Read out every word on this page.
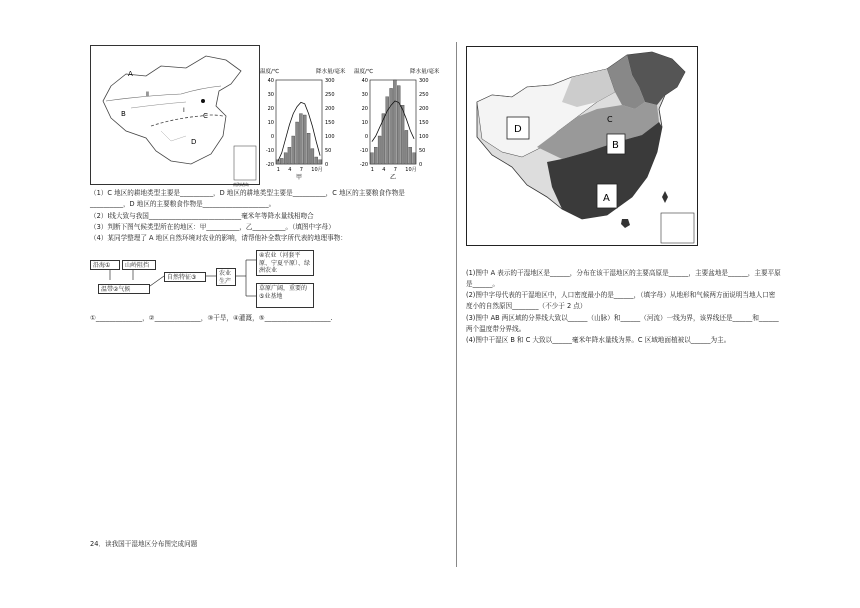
A
Ⅱ
B	Ⅰ
C
D
南海诸岛
温度/℃	降水量/毫米
40
30
20
10
0
-10
-20
300
250
200
150
100
50
0
1 4 7 10月
甲
温度/℃	降水量/毫米
40
30
20
10
0
-10
-20
300
250
200
150
100
50
0
1 4 7 10月
乙
（1）C 地区的耕地类型主要是__________，D 地区的耕地类型主要是__________，C 地区的主要粮食作物是
__________，D 地区的主要粮食作物是____________________。
（2）Ⅰ线大致与我国____________________________毫米年等降水量线相吻合
（3）判断下图气候类型所在的地区：甲__________，乙__________。（填图中字母）
（4）某同学整理了 A 地区自然环境对农业的影响，请帮他补全数字所代表的地理事物：
沿海①	山岭阻挡
温带②气候
自然特征③
农业生产
④农业（河套平原、宁夏平原）、绿洲农业
草原广阔，重要的⑤业基地
①______________，②______________，③干旱，④灌溉，⑤____________________.
24．读我国干湿地区分布图完成问题
D
C
B
A
(1)图中 A 表示的干湿地区是______，分布在该干湿地区的主要高原是______，主要盆地是______，主要平原
是______。
(2)图中字母代表的干湿地区中，人口密度最小的是______，（填字母）从地形和气候两方面说明当地人口密
度小的自然原因________（不少于 2 点）
(3)图中 AB 两区域的分界线大致以______（山脉）和______（河流）一线为界，该界线还是______和______
两个温度带分界线。
(4)图中干湿区 B 和 C 大致以______毫米年降水量线为界。C 区域地面植被以______为主。
